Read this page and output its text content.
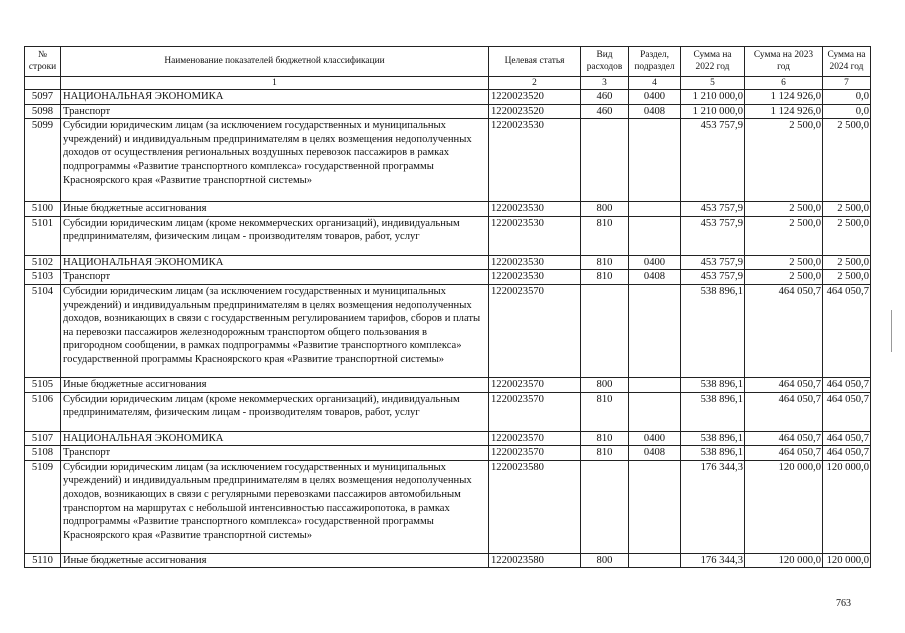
№ строки	Наименование показателей бюджетной классификации	Целевая статья	Вид расходов	Раздел, подраздел	Сумма на 2022 год	Сумма на 2023 год	Сумма на 2024 год
	1	2	3	4	5	6	7
5097	НАЦИОНАЛЬНАЯ ЭКОНОМИКА	1220023520	460	0400	1 210 000,0	1 124 926,0	0,0
5098	Транспорт	1220023520	460	0408	1 210 000,0	1 124 926,0	0,0
5099	Субсидии юридическим лицам (за исключением государственных и муниципальных учреждений) и индивидуальным предпринимателям в целях возмещения недополученных доходов от осуществления региональных воздушных перевозок пассажиров в рамках подпрограммы «Развитие транспортного комплекса» государственной программы Красноярского края «Развитие транспортной системы»	1220023530			453 757,9	2 500,0	2 500,0
5100	Иные бюджетные ассигнования	1220023530	800		453 757,9	2 500,0	2 500,0
5101	Субсидии юридическим лицам (кроме некоммерческих организаций), индивидуальным предпринимателям, физическим лицам - производителям товаров, работ, услуг	1220023530	810		453 757,9	2 500,0	2 500,0
5102	НАЦИОНАЛЬНАЯ ЭКОНОМИКА	1220023530	810	0400	453 757,9	2 500,0	2 500,0
5103	Транспорт	1220023530	810	0408	453 757,9	2 500,0	2 500,0
5104	Субсидии юридическим лицам (за исключением государственных и муниципальных учреждений) и индивидуальным предпринимателям в целях возмещения недополученных доходов, возникающих в связи с государственным регулированием тарифов, сборов и платы на перевозки пассажиров железнодорожным транспортом общего пользования в пригородном сообщении, в рамках подпрограммы «Развитие транспортного комплекса» государственной программы Красноярского края «Развитие транспортной системы»	1220023570			538 896,1	464 050,7	464 050,7
5105	Иные бюджетные ассигнования	1220023570	800		538 896,1	464 050,7	464 050,7
5106	Субсидии юридическим лицам (кроме некоммерческих организаций), индивидуальным предпринимателям, физическим лицам - производителям товаров, работ, услуг	1220023570	810		538 896,1	464 050,7	464 050,7
5107	НАЦИОНАЛЬНАЯ ЭКОНОМИКА	1220023570	810	0400	538 896,1	464 050,7	464 050,7
5108	Транспорт	1220023570	810	0408	538 896,1	464 050,7	464 050,7
5109	Субсидии юридическим лицам (за исключением государственных и муниципальных учреждений) и индивидуальным предпринимателям в целях возмещения недополученных доходов, возникающих в связи с регулярными перевозками пассажиров автомобильным транспортом на маршрутах с небольшой интенсивностью пассажиропотока, в рамках подпрограммы «Развитие транспортного комплекса» государственной программы Красноярского края «Развитие транспортной системы»	1220023580			176 344,3	120 000,0	120 000,0
5110	Иные бюджетные ассигнования	1220023580	800		176 344,3	120 000,0	120 000,0
763
